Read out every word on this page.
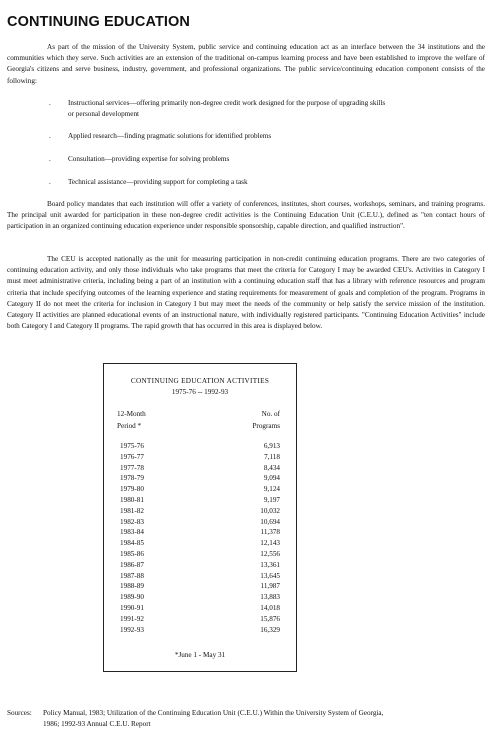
CONTINUING EDUCATION

As part of the mission of the University System, public service and continuing education act as an interface between the 34 institutions and the communities which they serve. Such activities are an extension of the traditional on-campus learning process and have been established to improve the welfare of Georgia's citizens and serve business, industry, government, and professional organizations. The public service/continuing education component consists of the following:

. Instructional services—offering primarily non-degree credit work designed for the purpose of upgrading skills or personal development
. Applied research—finding pragmatic solutions for identified problems
. Consultation—providing expertise for solving problems
. Technical assistance—providing support for completing a task

Board policy mandates that each institution will offer a variety of conferences, institutes, short courses, workshops, seminars, and training programs. The principal unit awarded for participation in these non-degree credit activities is the Continuing Education Unit (C.E.U.), defined as "ten contact hours of participation in an organized continuing education experience under responsible sponsorship, capable direction, and qualified instruction".

The CEU is accepted nationally as the unit for measuring participation in non-credit continuing education programs. There are two categories of continuing education activity, and only those individuals who take programs that meet the criteria for Category I may be awarded CEU's. Activities in Category I must meet administrative criteria, including being a part of an institution with a continuing education staff that has a library with reference resources and program criteria that include specifying outcomes of the learning experience and stating requirements for measurement of goals and completion of the program. Programs in Category II do not meet the criteria for inclusion in Category I but may meet the needs of the community or help satisfy the service mission of the institution. Category II activities are planned educational events of an instructional nature, with individually registered participants. "Continuing Education Activities" include both Category I and Category II programs. The rapid growth that has occurred in this area is displayed below.

CONTINUING EDUCATION ACTIVITIES
1975-76 -- 1992-93
12-Month
Period *
No. of
Programs
1975-76	6,913
1976-77	7,118
1977-78	8,434
1978-79	9,094
1979-80	9,124
1980-81	9,197
1981-82	10,032
1982-83	10,694
1983-84	11,378
1984-85	12,143
1985-86	12,556
1986-87	13,361
1987-88	13,645
1988-89	11,987
1989-90	13,883
1990-91	14,018
1991-92	15,876
1992-93	16,329
*June 1 - May 31
Sources: Policy Manual, 1983; Utilization of the Continuing Education Unit (C.E.U.) Within the University System of Georgia,
1986; 1992-93 Annual C.E.U. Report
